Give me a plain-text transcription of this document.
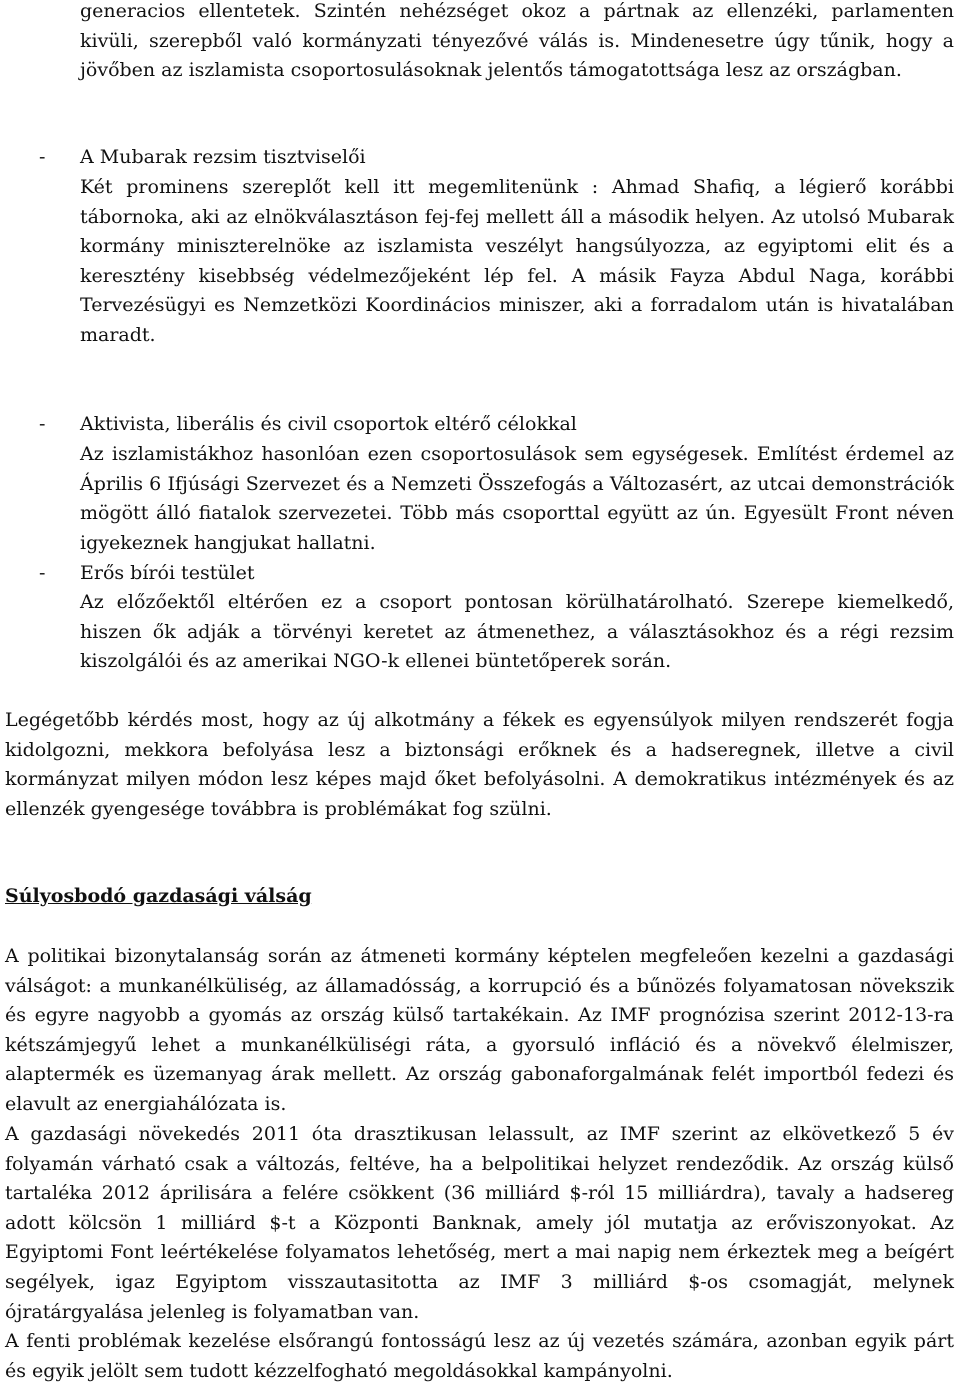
generacios ellentetek. Szintén nehézséget okoz a pártnak az ellenzéki, parlamenten kivüli, szerepből való kormányzati tényezővé válás is. Mindenesetre úgy tűnik, hogy a jövőben az iszlamista csoportosulásoknak jelentős támogatottsága lesz az országban.

- A Mubarak rezsim tisztviselői

Két prominens szereplőt kell itt megemlitenünk : Ahmad Shafiq, a légierő korábbi tábornoka, aki az elnökválasztáson fej-fej mellett áll a második helyen. Az utolsó Mubarak kormány miniszterelnöke az iszlamista veszélyt hangsúlyozza, az egyiptomi elit és a keresztény kisebbség védelmezőjeként lép fel. A másik Fayza Abdul Naga, korábbi Tervezésügyi es Nemzetközi Koordinácios miniszer, aki a forradalom után is hivatalában maradt.

- Aktivista, liberális és civil csoportok eltérő célokkal

Az iszlamistákhoz hasonlóan ezen csoportosulások sem egységesek. Említést érdemel az Április 6 Ifjúsági Szervezet és a Nemzeti Összefogás a Változasért, az utcai demonstrációk mögött álló fiatalok szervezetei. Több más csoporttal együtt az ún. Egyesült Front néven igyekeznek hangjukat hallatni.

- Erős bírói testület

Az előzőektől eltérően ez a csoport pontosan körülhatárolható. Szerepe kiemelkedő, hiszen ők adják a törvényi keretet az átmenethez, a választásokhoz és a régi rezsim kiszolgálói és az amerikai NGO-k ellenei büntetőperek során.

Legégetőbb kérdés most, hogy az új alkotmány a fékek es egyensúlyok milyen rendszerét fogja kidolgozni, mekkora befolyása lesz a biztonsági erőknek és a hadseregnek, illetve a civil kormányzat milyen módon lesz képes majd őket befolyásolni. A demokratikus intézmények és az ellenzék gyengesége továbbra is problémákat fog szülni.

Súlyosbodó gazdasági válság

A politikai bizonytalanság során az átmeneti kormány képtelen megfeleően kezelni a gazdasági válságot: a munkanélküliség, az államadósság, a korrupció és a bűnözés folyamatosan növekszik és egyre nagyobb a gyomás az ország külső tartakékain. Az IMF prognózisa szerint 2012-13-ra kétszámjegyű lehet a munkanélküliségi ráta, a gyorsuló infláció és a növekvő élelmiszer, alaptermék es üzemanyag árak mellett. Az ország gabonaforgalmának felét importból fedezi és elavult az energiahálózata is.

A gazdasági növekedés 2011 óta drasztikusan lelassult, az IMF szerint az elkövetkező 5 év folyamán várható csak a változás, feltéve, ha a belpolitikai helyzet rendeződik. Az ország külső tartaléka 2012 áprilisára a felére csökkent (36 milliárd $-ról 15 milliárdra), tavaly a hadsereg adott kölcsön 1 milliárd $-t a Központi Banknak, amely jól mutatja az erőviszonyokat. Az Egyiptomi Font leértékelése folyamatos lehetőség, mert a mai napig nem érkeztek meg a beígért segélyek, igaz Egyiptom visszautasitotta az IMF 3 milliárd $-os csomagját, melynek ójratárgyalása jelenleg is folyamatban van.

A fenti problémak kezelése elsőrangú fontosságú lesz az új vezetés számára, azonban egyik párt és egyik jelölt sem tudott kézzelfogható megoldásokkal kampányolni.
